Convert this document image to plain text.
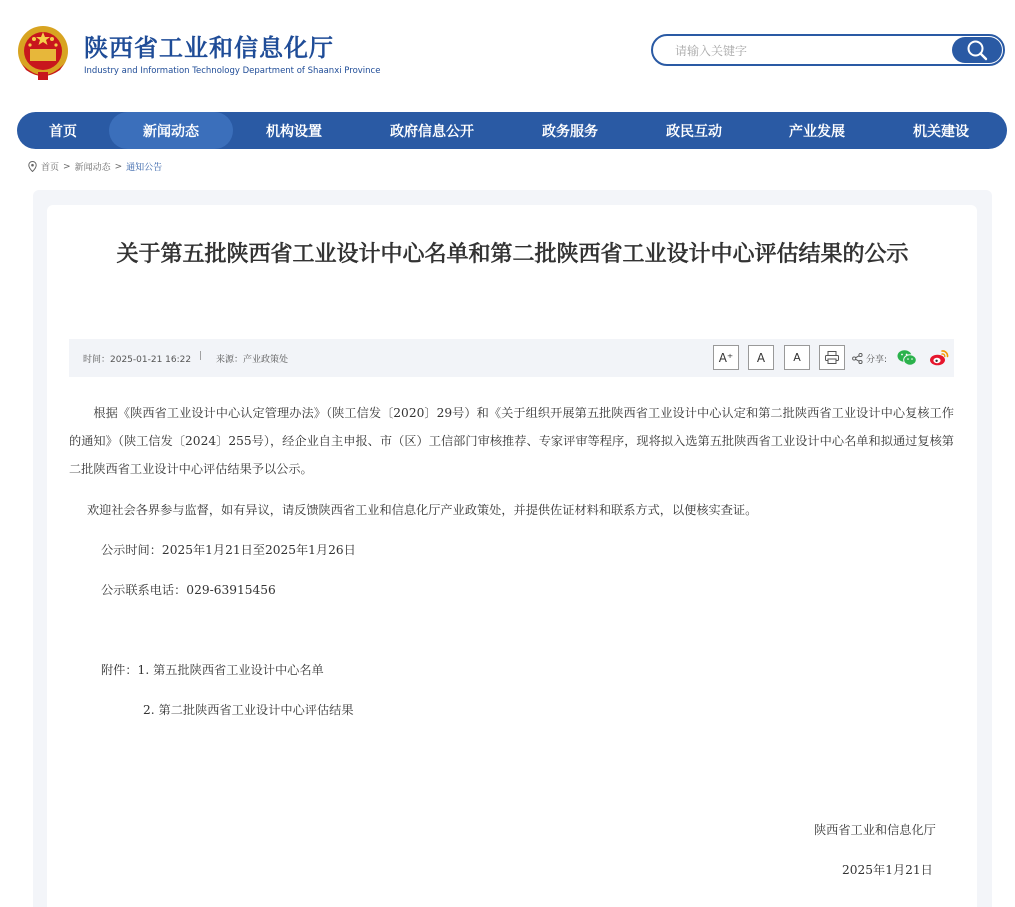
陕西省工业和信息化厅
Industry and Information Technology Department of Shaanxi Province
请输入关键字
首页	新闻动态	机构设置	政府信息公开	政务服务	政民互动	产业发展	机关建设
首页 > 新闻动态 > 通知公告
关于第五批陕西省工业设计中心名单和第二批陕西省工业设计中心评估结果的公示
时间：2025-01-21 16:22 | 来源：产业政策处	A⁺	A	A	分享:
根据《陕西省工业设计中心认定管理办法》（陕工信发〔2020〕29号）和《关于组织开展第五批陕西省工业设计中心认定和第二批陕西省工业设计中心复核工作的通知》（陕工信发〔2024〕255号），经企业自主申报、市（区）工信部门审核推荐、专家评审等程序，现将拟入选第五批陕西省工业设计中心名单和拟通过复核第二批陕西省工业设计中心评估结果予以公示。
欢迎社会各界参与监督，如有异议，请反馈陕西省工业和信息化厅产业政策处，并提供佐证材料和联系方式，以便核实查证。
公示时间：2025年1月21日至2025年1月26日
公示联系电话：029-63915456
附件：1. 第五批陕西省工业设计中心名单
2. 第二批陕西省工业设计中心评估结果
陕西省工业和信息化厅
2025年1月21日
